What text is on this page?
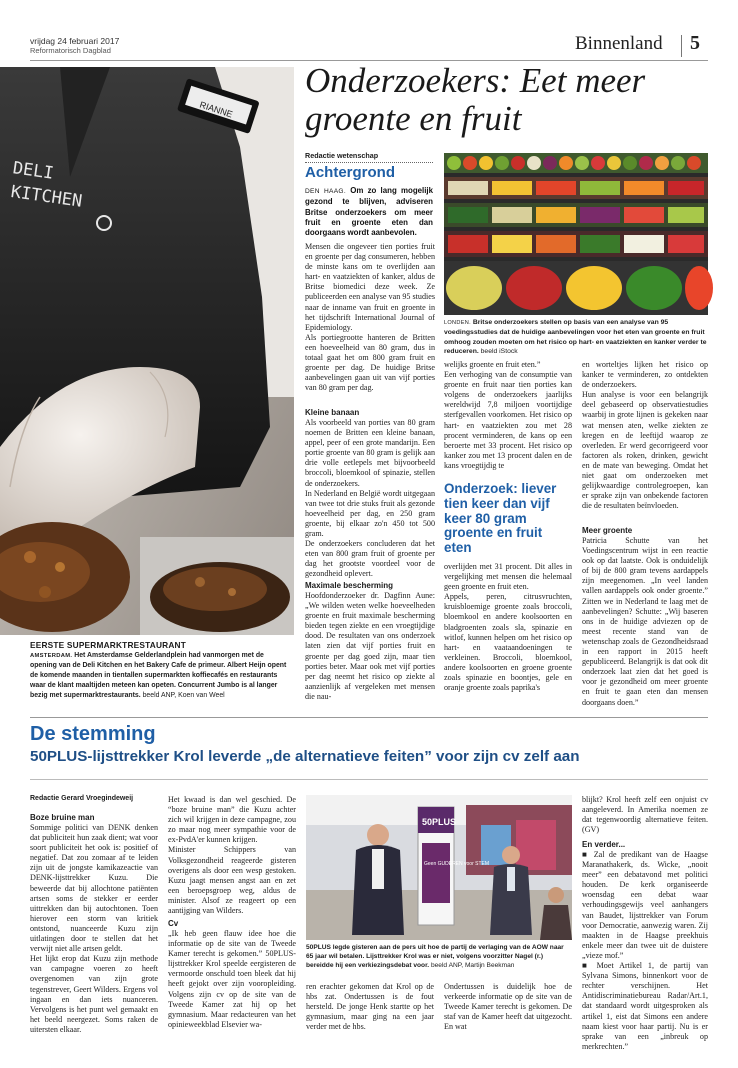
vrijdag 24 februari 2017
Reformatorisch Dagblad	Binnenland 5
RIANNE
DELI
KITCHEN
EERSTE SUPERMARKTRESTAURANT
AMSTERDAM. Het Amsterdamse Gelderlandplein had vanmorgen met de opening van de Deli Kitchen en het Bakery Cafe de primeur. Albert Heijn opent de komende maanden in tientallen supermarkten koffiecafés en restaurants waar de klant maaltijden meteen kan opeten. Concurrent Jumbo is al langer bezig met supermarktrestaurants. beeld ANP, Koen van Weel
Onderzoekers: Eet meer groente en fruit
Redactie wetenschap
Achtergrond
DEN HAAG. Om zo lang mogelijk gezond te blijven, adviseren Britse onderzoekers om meer fruit en groente eten dan doorgaans wordt aanbevolen.
LONDEN. Britse onderzoekers stellen op basis van een analyse van 95 voedingsstudies dat de huidige aanbevelingen voor het eten van groente en fruit omhoog zouden moeten om het risico op hart- en vaatziekten en kanker verder te reduceren. beeld iStock
Mensen die ongeveer tien porties fruit en groente per dag consumeren, hebben de minste kans om te overlijden aan hart- en vaatziekten of kanker, aldus de Britse biomedici deze week. Ze publiceerden een analyse van 95 studies naar de inname van fruit en groente in het tijdschrift International Journal of Epidemiology.
Als portiegrootte hanteren de Britten een hoeveelheid van 80 gram, dus in totaal gaat het om 800 gram fruit en groente per dag. De huidige Britse aanbevelingen gaan uit van vijf porties van 80 gram per dag.
Kleine banaan
Als voorbeeld van porties van 80 gram noemen de Britten een kleine banaan, appel, peer of een grote mandarijn. Een portie groente van 80 gram is gelijk aan drie volle eetlepels met bijvoorbeeld broccoli, bloemkool of spinazie, stellen de onderzoekers.
In Nederland en België wordt uitgegaan van twee tot drie stuks fruit als gezonde hoeveelheid per dag, en 250 gram groente, bij elkaar zo'n 450 tot 500 gram.
De onderzoekers concluderen dat het eten van 800 gram fruit of groente per dag het grootste voordeel voor de gezondheid oplevert.
Maximale bescherming
Hoofdonderzoeker dr. Dagfinn Aune: „We wilden weten welke hoeveelheden groente en fruit maximale bescherming bieden tegen ziekte en een vroegtijdige dood. De resultaten van ons onderzoek laten zien dat vijf porties fruit en groente per dag goed zijn, maar tien porties beter. Maar ook met vijf porties per dag neemt het risico op ziekte al aanzienlijk af vergeleken met mensen die nau-
welijks groente en fruit eten.”
Een verhoging van de consumptie van groente en fruit naar tien porties kan volgens de onderzoekers jaarlijks wereldwijd 7,8 miljoen voortijdige sterfgevallen voorkomen. Het risico op hart- en vaatziekten zou met 28 procent verminderen, de kans op een beroerte met 33 procent. Het risico op kanker zou met 13 procent dalen en de kans vroegtijdig te
Onderzoek: liever tien keer dan vijf keer 80 gram groente en fruit eten
overlijden met 31 procent. Dit alles in vergelijking met mensen die helemaal geen groente en fruit eten.
Appels, peren, citrusvruchten, kruisbloemige groente zoals broccoli, bloemkool en andere koolsoorten en bladgroenten zoals sla, spinazie en witlof, kunnen helpen om het risico op hart- en vaataandoeningen te verkleinen. Broccoli, bloemkool, andere koolsoorten en groene groente zoals spinazie en boontjes, gele en oranje groente zoals paprika's
en worteltjes lijken het risico op kanker te verminderen, zo ontdekten de onderzoekers.
Hun analyse is voor een belangrijk deel gebaseerd op observatiestudies waarbij in grote lijnen is gekeken naar wat mensen aten, welke ziekten ze kregen en de leeftijd waarop ze overleden. Er werd gecorrigeerd voor factoren als roken, drinken, gewicht en de mate van beweging. Omdat het niet gaat om onderzoeken met gelijkwaardige controlegroepen, kan er sprake zijn van onbekende factoren die de resultaten beïnvloeden.
Meer groente
Patricia Schutte van het Voedingscentrum wijst in een reactie ook op dat laatste. Ook is onduidelijk of bij de 800 gram tevens aardappels zijn meegenomen. „In veel landen vallen aardappels ook onder groente.” Zitten we in Nederland te laag met de aanbevelingen? Schutte: „Wij baseren ons in de huidige adviezen op de meest recente stand van de wetenschap zoals de Gezondheidsraad in een rapport in 2015 heeft gepubliceerd. Belangrijk is dat ook dit onderzoek laat zien dat het goed is voor je gezondheid om meer groente en fruit te gaan eten dan mensen doorgaans doen.”
De stemming
50PLUS-lijsttrekker Krol leverde „de alternatieve feiten” voor zijn cv zelf aan
Redactie Gerard Vroegindeweij
Boze bruine man
Sommige politici van DENK denken dat publiciteit hun zaak dient; wat voor soort publiciteit het ook is: positief of negatief. Dat zou zomaar af te leiden zijn uit de jongste kamikazeactie van DENK-lijsttrekker Kuzu. Die beweerde dat bij allochtone patiënten artsen soms de stekker er eerder uittrekken dan bij autochtonen. Toen hierover een storm van kritiek ontstond, nuanceerde Kuzu zijn uitlatingen door te stellen dat het verwijt niet alle artsen geldt.
Het lijkt erop dat Kuzu zijn methode van campagne voeren zo heeft overgenomen van zijn grote tegenstrever, Geert Wilders. Ergens vol ingaan en dan iets nuanceren. Vervolgens is het punt wel gemaakt en het beeld neergezet. Soms raken de uitersten elkaar.
Het kwaad is dan wel geschied. De “boze bruine man” die Kuzu achter zich wil krijgen in deze campagne, zou zo maar nog meer sympathie voor de ex-PvdA'er kunnen krijgen.
Minister Schippers van Volksgezondheid reageerde gisteren overigens als door een wesp gestoken. Kuzu jaagt mensen angst aan en zet een beroepsgroep weg, aldus de minister. Alsof ze reageert op een aantijging van Wilders.
Cv
„Ik heb geen flauw idee hoe die informatie op de site van de Tweede Kamer terecht is gekomen.” 50PLUS-lijsttrekker Krol speelde eergisteren de vermoorde onschuld toen bleek dat hij heeft gejokt over zijn vooropleiding. Volgens zijn cv op de site van de Tweede Kamer zat hij op het gymnasium. Maar redacteuren van het opinieweekblad Elsevier wa-
50PLUS
Geen GUDEREN voor STEM
50PLUS legde gisteren aan de pers uit hoe de partij de verlaging van de AOW naar 65 jaar wil betalen. Lijsttrekker Krol was er niet, volgens voorzitter Nagel (r.) bereidde hij een verkiezingsdebat voor. beeld ANP, Martijn Beekman
ren erachter gekomen dat Krol op de hbs zat. Ondertussen is de fout hersteld. De jonge Henk startte op het gymnasium, maar ging na een jaar verder met de hbs.
Ondertussen is duidelijk hoe de verkeerde informatie op de site van de Tweede Kamer terecht is gekomen. De staf van de Kamer heeft dat uitgezocht. En wat
blijkt? Krol heeft zelf een onjuist cv aangeleverd. In Amerika noemen ze dat tegenwoordig alternatieve feiten. (GV)
En verder...
■ Zal de predikant van de Haagse Maranathakerk, ds. Wicke, „nooit meer” een debatavond met politici houden. De kerk organiseerde woensdag een debat waar verhoudingsgewijs veel aanhangers van Baudet, lijsttrekker van Forum voor Democratie, aanwezig waren. Zij maakten in de Haagse preekhuis enkele meer dan twee uit de duistere „vieze mof.”
■ Moet Artikel 1, de partij van Sylvana Simons, binnenkort voor de rechter verschijnen. Het Antidiscriminatiebureau Radar/Art.1, dat standaard wordt uitgesproken als artikel 1, eist dat Simons een andere naam kiest voor haar partij. Nu is er sprake van een „inbreuk op merkrechten.”
